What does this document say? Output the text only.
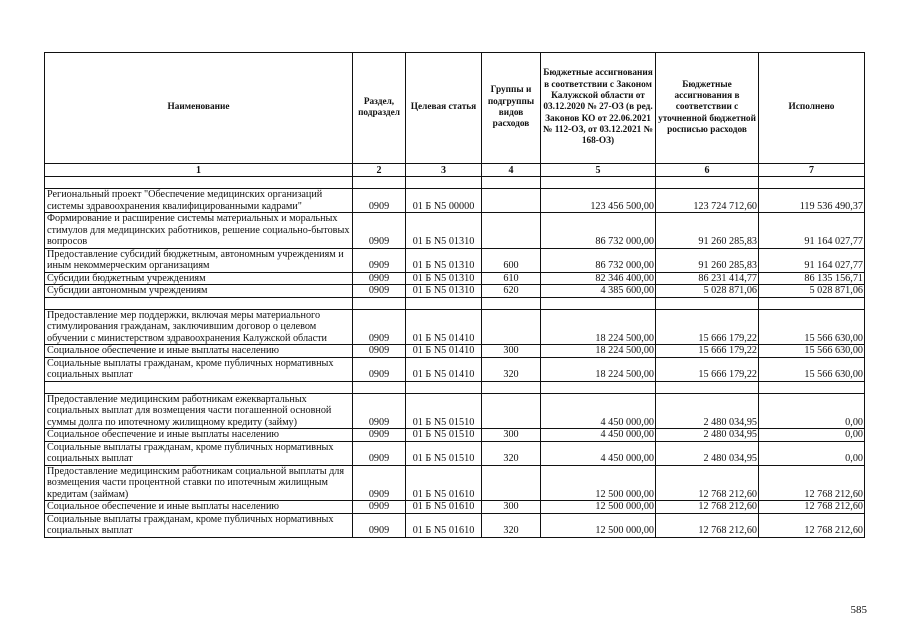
Наименование	Раздел, подраздел	Целевая статья	Группы и подгруппы видов расходов	Бюджетные ассигнования в соответствии с Законом Калужской области от 03.12.2020 № 27-ОЗ (в ред. Законов КО от 22.06.2021 № 112-ОЗ, от 03.12.2021 № 168-ОЗ)	Бюджетные ассигнования в соответствии с уточненной бюджетной росписью расходов	Исполнено
1	2	3	4	5	6	7

Региональный проект "Обеспечение медицинских организаций системы здравоохранения квалифицированными кадрами"	0909	01 Б N5 00000		123 456 500,00	123 724 712,60	119 536 490,37
Формирование и расширение системы материальных и моральных стимулов для медицинских работников, решение социально-бытовых вопросов	0909	01 Б N5 01310		86 732 000,00	91 260 285,83	91 164 027,77
Предоставление субсидий бюджетным, автономным учреждениям и иным некоммерческим организациям	0909	01 Б N5 01310	600	86 732 000,00	91 260 285,83	91 164 027,77
Субсидии бюджетным учреждениям	0909	01 Б N5 01310	610	82 346 400,00	86 231 414,77	86 135 156,71
Субсидии автономным учреждениям	0909	01 Б N5 01310	620	4 385 600,00	5 028 871,06	5 028 871,06

Предоставление мер поддержки, включая меры материального стимулирования гражданам, заключившим договор о целевом обучении с министерством здравоохранения Калужской области	0909	01 Б N5 01410		18 224 500,00	15 666 179,22	15 566 630,00
Социальное обеспечение и иные выплаты населению	0909	01 Б N5 01410	300	18 224 500,00	15 666 179,22	15 566 630,00
Социальные выплаты гражданам, кроме публичных нормативных социальных выплат	0909	01 Б N5 01410	320	18 224 500,00	15 666 179,22	15 566 630,00

Предоставление медицинским работникам ежеквартальных социальных выплат для возмещения части погашенной основной суммы долга по ипотечному жилищному кредиту (займу)	0909	01 Б N5 01510		4 450 000,00	2 480 034,95	0,00
Социальное обеспечение и иные выплаты населению	0909	01 Б N5 01510	300	4 450 000,00	2 480 034,95	0,00
Социальные выплаты гражданам, кроме публичных нормативных социальных выплат	0909	01 Б N5 01510	320	4 450 000,00	2 480 034,95	0,00
Предоставление медицинским работникам социальной выплаты для возмещения части процентной ставки по ипотечным жилищным кредитам (займам)	0909	01 Б N5 01610		12 500 000,00	12 768 212,60	12 768 212,60
Социальное обеспечение и иные выплаты населению	0909	01 Б N5 01610	300	12 500 000,00	12 768 212,60	12 768 212,60
Социальные выплаты гражданам, кроме публичных нормативных социальных выплат	0909	01 Б N5 01610	320	12 500 000,00	12 768 212,60	12 768 212,60
585
